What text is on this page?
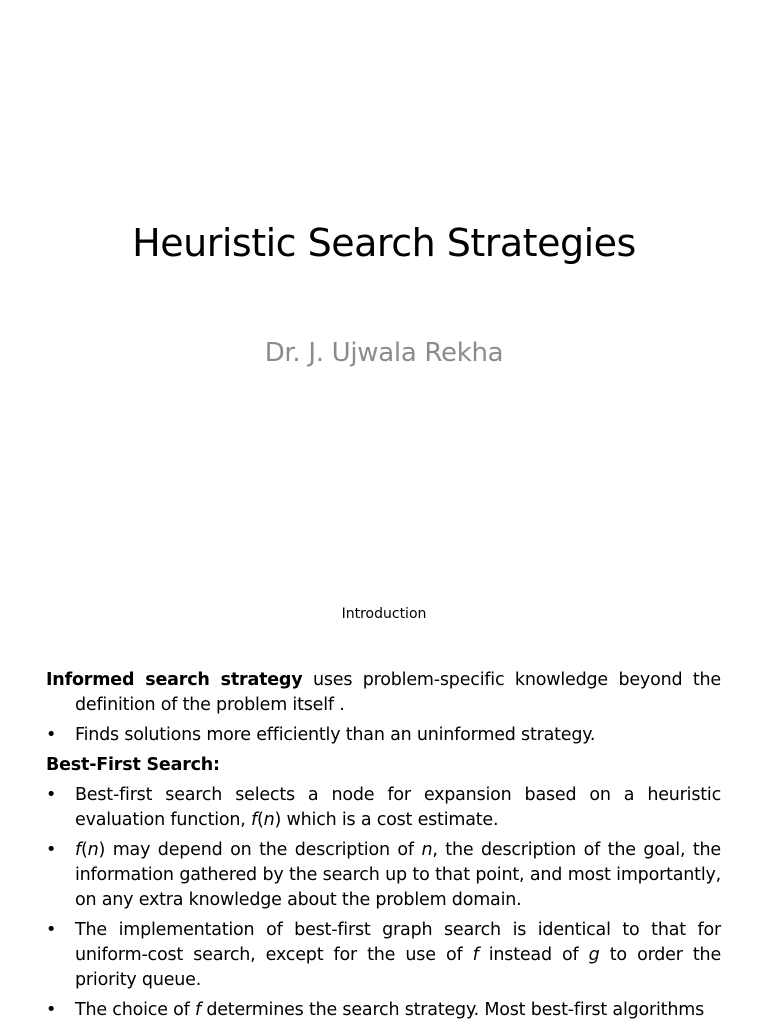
Heuristic Search Strategies
Dr. J. Ujwala Rekha
Introduction

Informed search strategy uses problem-specific knowledge beyond the definition of the problem itself .

• Finds solutions more efficiently than an uninformed strategy.
Best-First Search:
• Best-first search selects a node for expansion based on a heuristic evaluation function, f(n) which is a cost estimate.
• f(n) may depend on the description of n, the description of the goal, the information gathered by the search up to that point, and most importantly, on any extra knowledge about the problem domain.
• The implementation of best-first graph search is identical to that for uniform-cost search, except for the use of f instead of g to order the priority queue.
• The choice of f determines the search strategy. Most best-first algorithms
